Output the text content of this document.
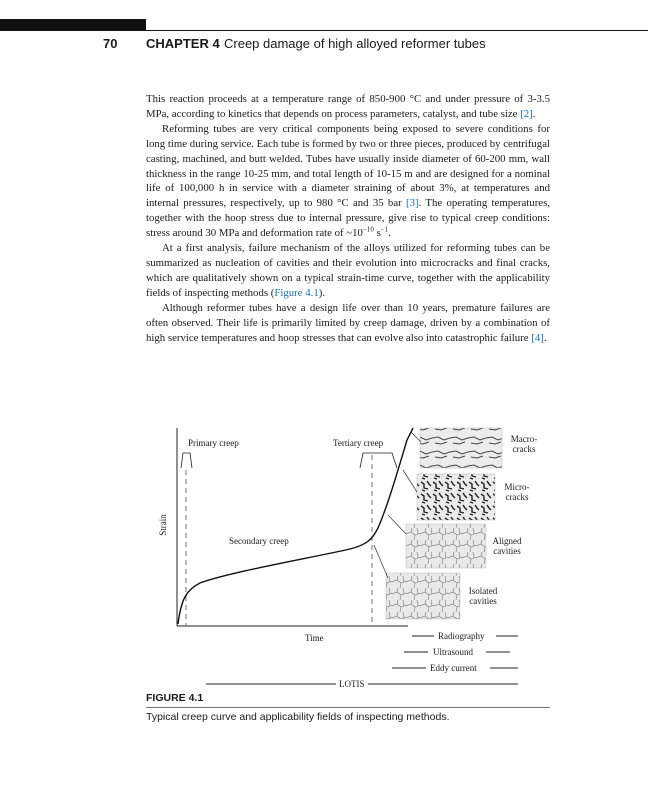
70 CHAPTER 4 Creep damage of high alloyed reformer tubes

This reaction proceeds at a temperature range of 850-900 °C and under pressure of 3-3.5 MPa, according to kinetics that depends on process parameters, catalyst, and tube size [2].

Reforming tubes are very critical components being exposed to severe conditions for long time during service. Each tube is formed by two or three pieces, produced by centrifugal casting, machined, and butt welded. Tubes have usually inside diameter of 60-200 mm, wall thickness in the range 10-25 mm, and total length of 10-15 m and are designed for a nominal life of 100,000 h in service with a diameter straining of about 3%, at temperatures and internal pressures, respectively, up to 980 °C and 35 bar [3]. The operating temperatures, together with the hoop stress due to internal pressure, give rise to typical creep conditions: stress around 30 MPa and deformation rate of $\sim 10^{-10}$ $s^{-1}$.

At a first analysis, failure mechanism of the alloys utilized for reforming tubes can be summarized as nucleation of cavities and their evolution into microcracks and final cracks, which are qualitatively shown on a typical strain-time curve, together with the applicability fields of inspecting methods (Figure 4.1).

Although reformer tubes have a design life over than 10 years, premature failures are often observed. Their life is primarily limited by creep damage, driven by a combination of high service temperatures and hoop stresses that can evolve also into catastrophic failure [4].

Primary creep	Tertiary creep
Secondary creep
Time
Strain
Macro-
cracks
Micro-
cracks
Aligned
cavities
Isolated
cavities
Radiography
Ultrasound
Eddy current
LOTIS
FIGURE 4.1
Typical creep curve and applicability fields of inspecting methods.
